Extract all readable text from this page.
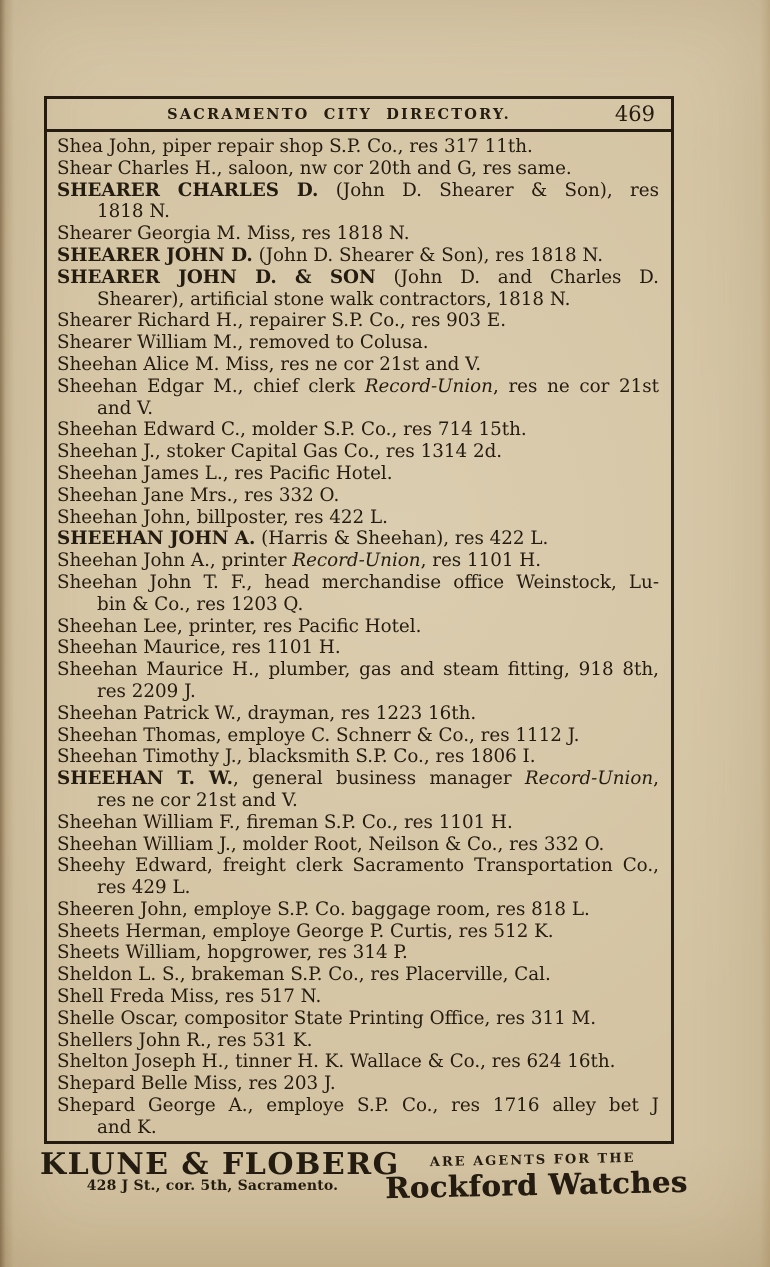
SACRAMENTO CITY DIRECTORY.	469
Shea John, piper repair shop S.P. Co., res 317 11th.
Shear Charles H., saloon, nw cor 20th and G, res same.
SHEARER CHARLES D. (John D. Shearer & Son), res
1818 N.
Shearer Georgia M. Miss, res 1818 N.
SHEARER JOHN D. (John D. Shearer & Son), res 1818 N.
SHEARER JOHN D. & SON (John D. and Charles D.
Shearer), artificial stone walk contractors, 1818 N.
Shearer Richard H., repairer S.P. Co., res 903 E.
Shearer William M., removed to Colusa.
Sheehan Alice M. Miss, res ne cor 21st and V.
Sheehan Edgar M., chief clerk Record-Union, res ne cor 21st
and V.
Sheehan Edward C., molder S.P. Co., res 714 15th.
Sheehan J., stoker Capital Gas Co., res 1314 2d.
Sheehan James L., res Pacific Hotel.
Sheehan Jane Mrs., res 332 O.
Sheehan John, billposter, res 422 L.
SHEEHAN JOHN A. (Harris & Sheehan), res 422 L.
Sheehan John A., printer Record-Union, res 1101 H.
Sheehan John T. F., head merchandise office Weinstock, Lu-
bin & Co., res 1203 Q.
Sheehan Lee, printer, res Pacific Hotel.
Sheehan Maurice, res 1101 H.
Sheehan Maurice H., plumber, gas and steam fitting, 918 8th,
res 2209 J.
Sheehan Patrick W., drayman, res 1223 16th.
Sheehan Thomas, employe C. Schnerr & Co., res 1112 J.
Sheehan Timothy J., blacksmith S.P. Co., res 1806 I.
SHEEHAN T. W., general business manager Record-Union,
res ne cor 21st and V.
Sheehan William F., fireman S.P. Co., res 1101 H.
Sheehan William J., molder Root, Neilson & Co., res 332 O.
Sheehy Edward, freight clerk Sacramento Transportation Co.,
res 429 L.
Sheeren John, employe S.P. Co. baggage room, res 818 L.
Sheets Herman, employe George P. Curtis, res 512 K.
Sheets William, hopgrower, res 314 P.
Sheldon L. S., brakeman S.P. Co., res Placerville, Cal.
Shell Freda Miss, res 517 N.
Shelle Oscar, compositor State Printing Office, res 311 M.
Shellers John R., res 531 K.
Shelton Joseph H., tinner H. K. Wallace & Co., res 624 16th.
Shepard Belle Miss, res 203 J.
Shepard George A., employe S.P. Co., res 1716 alley bet J
and K.
KLUNE & FLOBERG
428 J St., cor. 5th, Sacramento.
ARE AGENTS FOR THE
Rockford Watches
